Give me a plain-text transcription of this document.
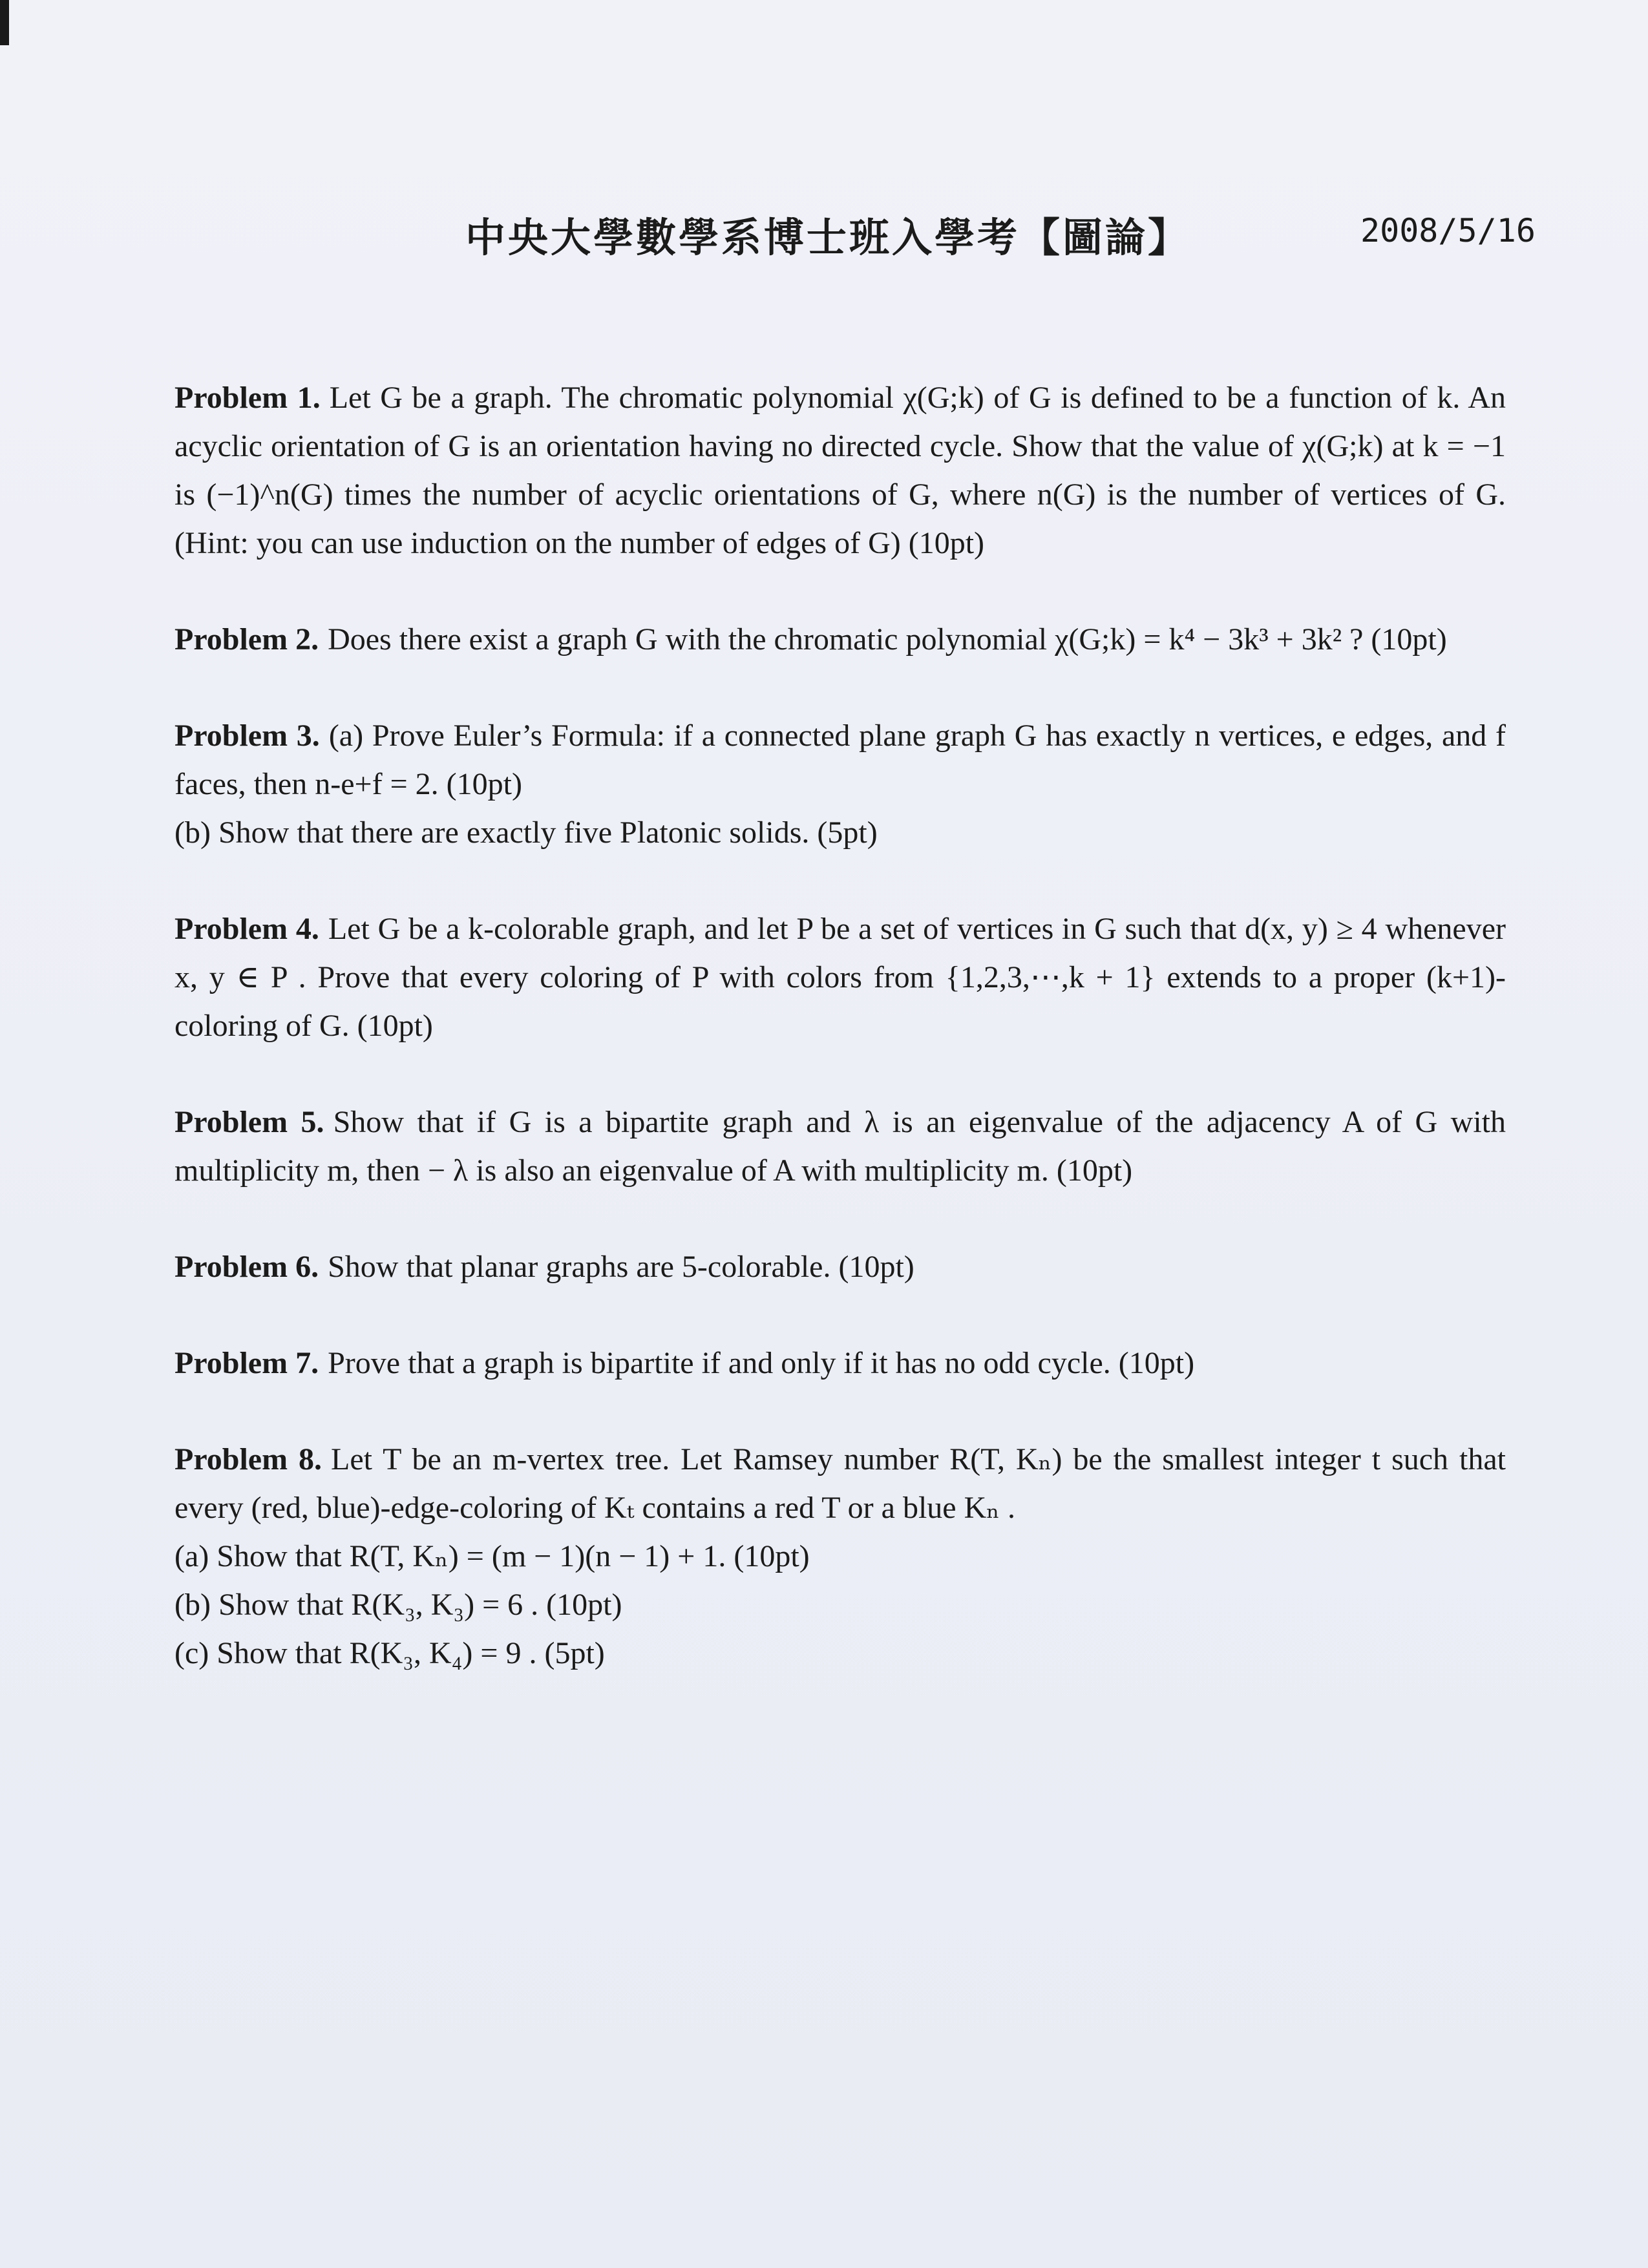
中央大學數學系博士班入學考【圖論】	2008/5/16

Problem 1. Let G be a graph. The chromatic polynomial χ(G;k) of G is defined to be a function of k. An acyclic orientation of G is an orientation having no directed cycle. Show that the value of χ(G;k) at k = −1 is (−1)^n(G) times the number of acyclic orientations of G, where n(G) is the number of vertices of G. (Hint: you can use induction on the number of edges of G) (10pt)

Problem 2. Does there exist a graph G with the chromatic polynomial χ(G;k) = k⁴ − 3k³ + 3k² ? (10pt)

Problem 3. (a) Prove Euler’s Formula: if a connected plane graph G has exactly n vertices, e edges, and f faces, then n-e+f = 2. (10pt)
(b) Show that there are exactly five Platonic solids. (5pt)

Problem 4. Let G be a k-colorable graph, and let P be a set of vertices in G such that d(x, y) ≥ 4 whenever x, y ∈ P . Prove that every coloring of P with colors from {1,2,3,⋯,k + 1} extends to a proper (k+1)-coloring of G. (10pt)

Problem 5. Show that if G is a bipartite graph and λ is an eigenvalue of the adjacency A of G with multiplicity m, then − λ is also an eigenvalue of A with multiplicity m. (10pt)

Problem 6. Show that planar graphs are 5-colorable. (10pt)

Problem 7. Prove that a graph is bipartite if and only if it has no odd cycle. (10pt)

Problem 8. Let T be an m-vertex tree. Let Ramsey number R(T, Kₙ) be the smallest integer t such that every (red, blue)-edge-coloring of Kₜ contains a red T or a blue Kₙ .
(a) Show that R(T, Kₙ) = (m − 1)(n − 1) + 1. (10pt)
(b) Show that R(K₃, K₃) = 6 . (10pt)
(c) Show that R(K₃, K₄) = 9 . (5pt)
